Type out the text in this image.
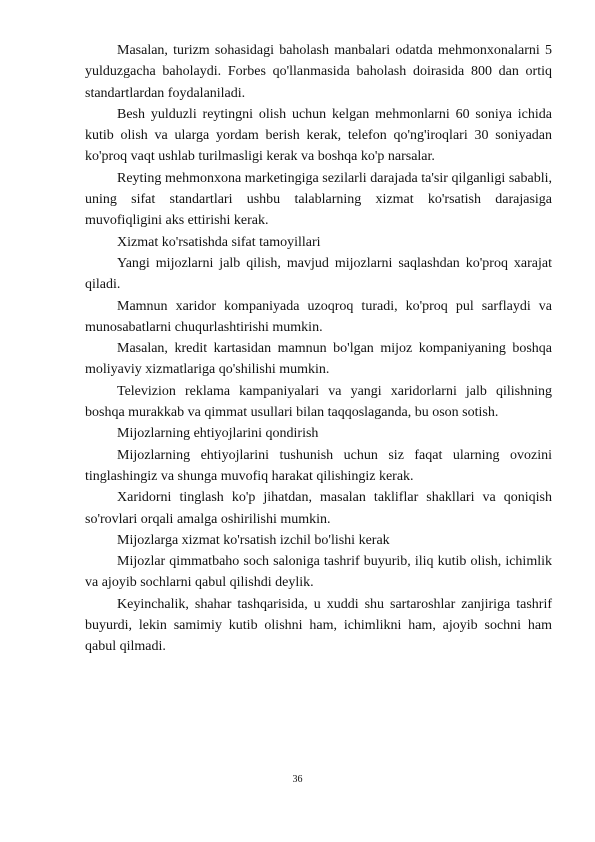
Masalan, turizm sohasidagi baholash manbalari odatda mehmonxonalarni 5 yulduzgacha baholaydi. Forbes qo'llanmasida baholash doirasida 800 dan ortiq standartlardan foydalaniladi.

Besh yulduzli reytingni olish uchun kelgan mehmonlarni 60 soniya ichida kutib olish va ularga yordam berish kerak, telefon qo'ng'iroqlari 30 soniyadan ko'proq vaqt ushlab turilmasligi kerak va boshqa ko'p narsalar.

Reyting mehmonxona marketingiga sezilarli darajada ta'sir qilganligi sababli, uning sifat standartlari ushbu talablarning xizmat ko'rsatish darajasiga muvofiqligini aks ettirishi kerak.

Xizmat ko'rsatishda sifat tamoyillari

Yangi mijozlarni jalb qilish, mavjud mijozlarni saqlashdan ko'proq xarajat qiladi.

Mamnun xaridor kompaniyada uzoqroq turadi, ko'proq pul sarflaydi va munosabatlarni chuqurlashtirishi mumkin.

Masalan, kredit kartasidan mamnun bo'lgan mijoz kompaniyaning boshqa moliyaviy xizmatlariga qo'shilishi mumkin.

Televizion reklama kampaniyalari va yangi xaridorlarni jalb qilishning boshqa murakkab va qimmat usullari bilan taqqoslaganda, bu oson sotish.

Mijozlarning ehtiyojlarini qondirish

Mijozlarning ehtiyojlarini tushunish uchun siz faqat ularning ovozini tinglashingiz va shunga muvofiq harakat qilishingiz kerak.

Xaridorni tinglash ko'p jihatdan, masalan takliflar shakllari va qoniqish so'rovlari orqali amalga oshirilishi mumkin.

Mijozlarga xizmat ko'rsatish izchil bo'lishi kerak

Mijozlar qimmatbaho soch saloniga tashrif buyurib, iliq kutib olish, ichimlik va ajoyib sochlarni qabul qilishdi deylik.

Keyinchalik, shahar tashqarisida, u xuddi shu sartaroshlar zanjiriga tashrif buyurdi, lekin samimiy kutib olishni ham, ichimlikni ham, ajoyib sochni ham qabul qilmadi.

36
